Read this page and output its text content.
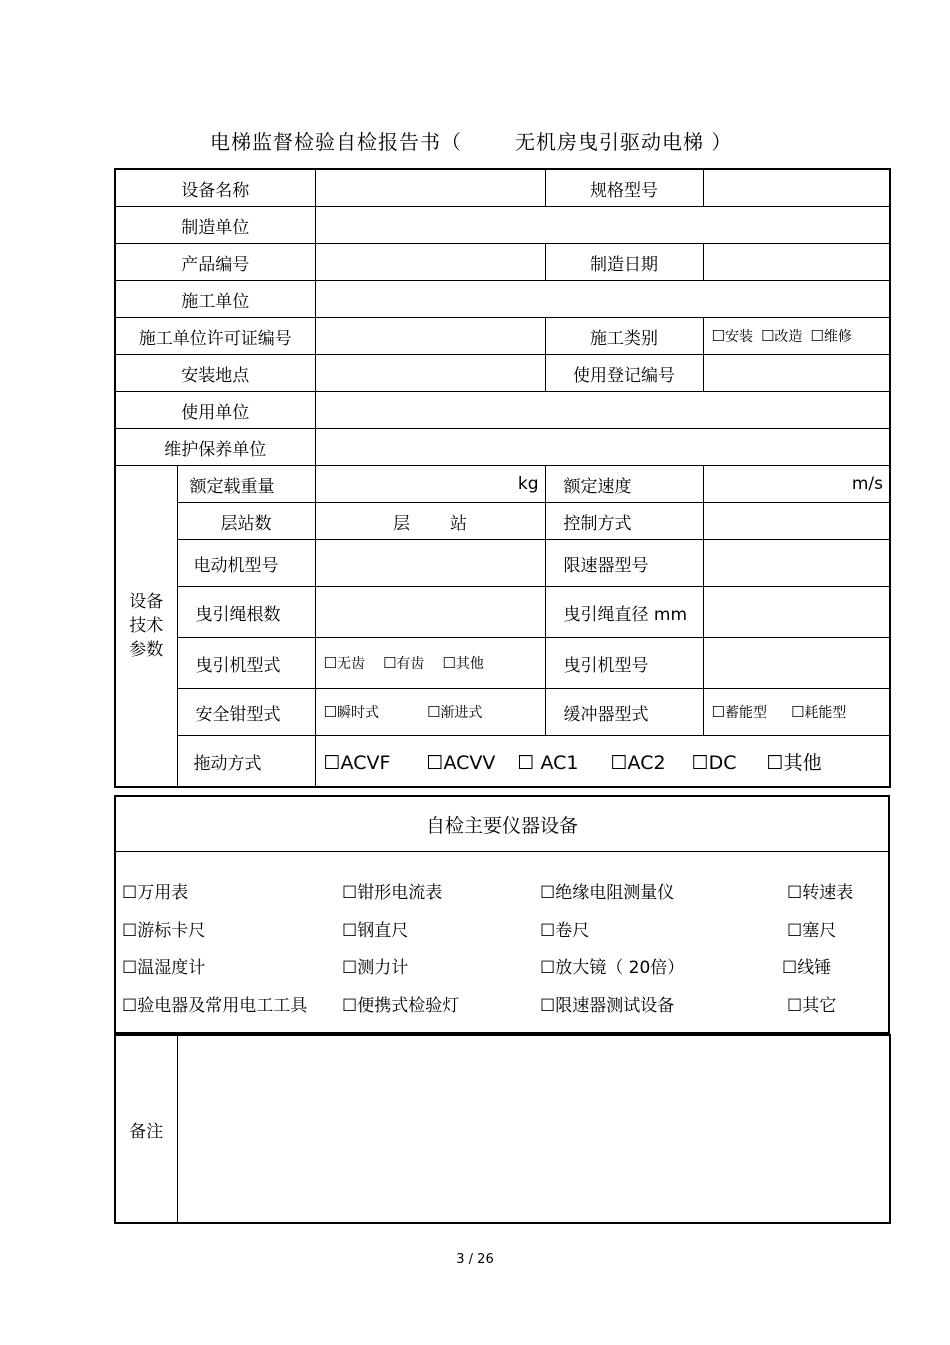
电梯监督检验自检报告书（	无机房曳引驱动电梯 ）
设备名称			规格型号	
制造单位				
产品编号			制造日期	
施工单位				
施工单位许可证编号			施工类别	☐安装 ☐改造 ☐维修
安装地点			使用登记编号	
使用单位				
维护保养单位				
设备技术参数	额定载重量	kg	额定速度	m/s
	层站数	层 站	控制方式	
	电动机型号		限速器型号	
	曳引绳根数		曳引绳直径 mm	
	曳引机型式	☐无齿 ☐有齿 ☐其他	曳引机型号	
	安全钳型式	☐瞬时式 ☐渐进式	缓冲器型式	☐蓄能型 ☐耗能型
	拖动方式	☐ACVF ☐ACVV ☐ AC1 ☐AC2 ☐DC ☐其他		
自检主要仪器设备

☐万用表	☐钳形电流表	☐绝缘电阻测量仪	☐转速表
☐游标卡尺	☐钢直尺	☐卷尺	☐塞尺
☐温湿度计	☐测力计	☐放大镜（ 20倍）	☐线锤
☐验电器及常用电工工具 ☐便携式检验灯	☐限速器测试设备	☐其它
备注	
3 / 26
